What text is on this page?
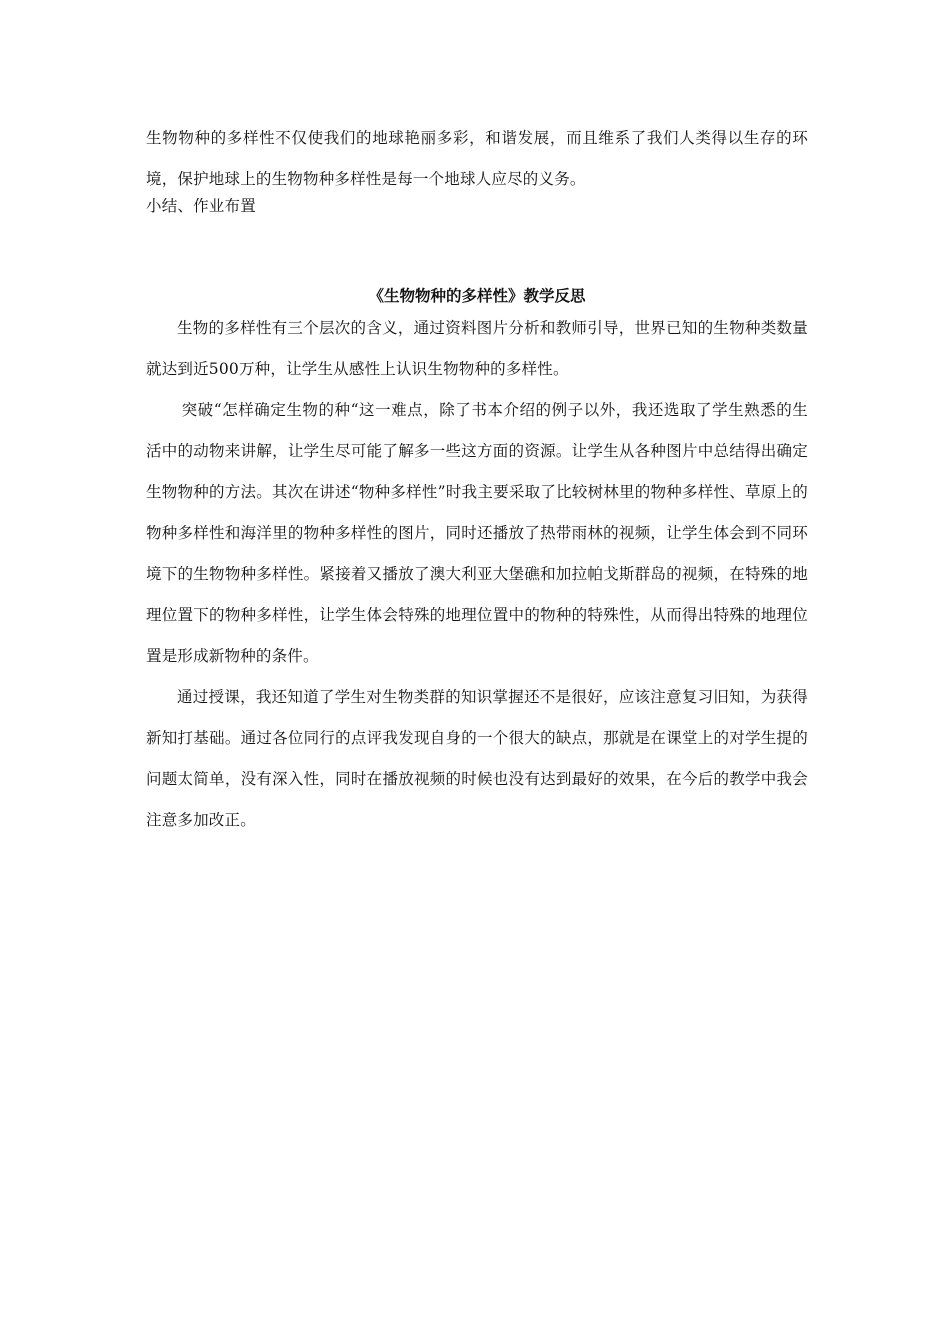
生物物种的多样性不仅使我们的地球艳丽多彩，和谐发展，而且维系了我们人类得以生存的环境，保护地球上的生物物种多样性是每一个地球人应尽的义务。

小结、作业布置

《生物物种的多样性》教学反思

生物的多样性有三个层次的含义，通过资料图片分析和教师引导，世界已知的生物种类数量就达到近500万种，让学生从感性上认识生物物种的多样性。

突破“怎样确定生物的种“这一难点，除了书本介绍的例子以外，我还选取了学生熟悉的生活中的动物来讲解，让学生尽可能了解多一些这方面的资源。让学生从各种图片中总结得出确定生物物种的方法。其次在讲述“物种多样性”时我主要采取了比较树林里的物种多样性、草原上的物种多样性和海洋里的物种多样性的图片，同时还播放了热带雨林的视频，让学生体会到不同环境下的生物物种多样性。紧接着又播放了澳大利亚大堡礁和加拉帕戈斯群岛的视频，在特殊的地理位置下的物种多样性，让学生体会特殊的地理位置中的物种的特殊性，从而得出特殊的地理位置是形成新物种的条件。

通过授课，我还知道了学生对生物类群的知识掌握还不是很好，应该注意复习旧知，为获得新知打基础。通过各位同行的点评我发现自身的一个很大的缺点，那就是在课堂上的对学生提的问题太简单，没有深入性，同时在播放视频的时候也没有达到最好的效果，在今后的教学中我会注意多加改正。
